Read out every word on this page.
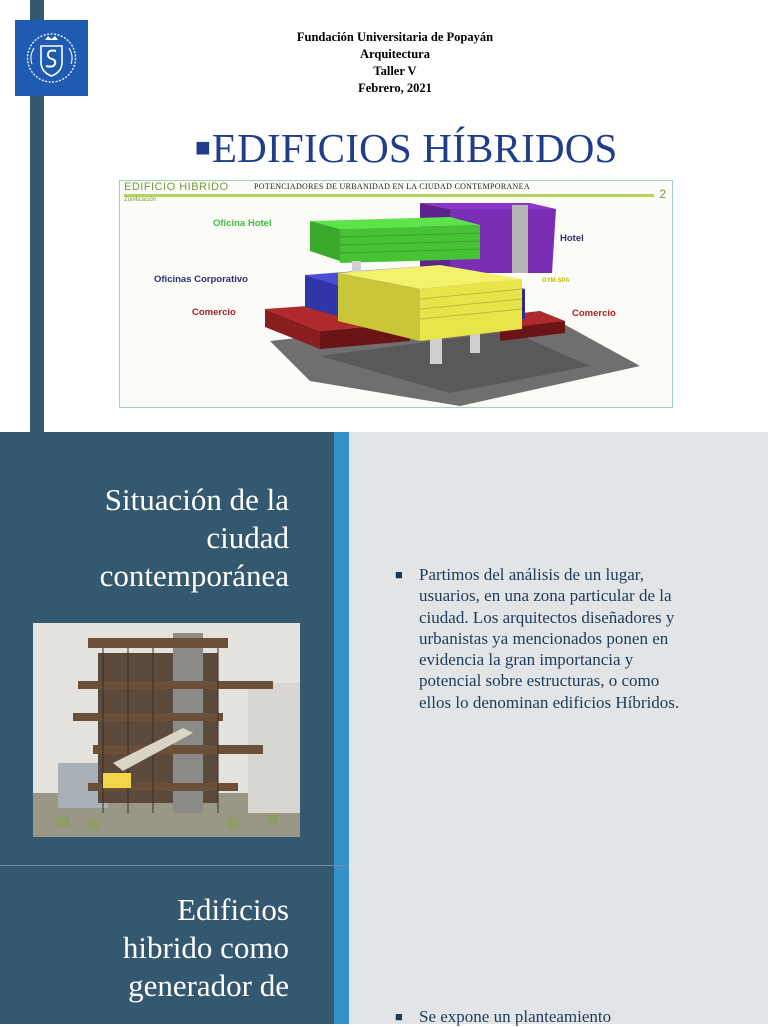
Fundación Universitaria de Popayán
Arquitectura
Taller V
Febrero, 2021
■EDIFICIOS HÍBRIDOS
EDIFICIO HIBRIDO	POTENCIADORES DE URBANIDAD EN LA CIUDAD CONTEMPORANEA
2
Zonificación
Oficina Hotel
Hotel
Oficinas Corporativo	GYM-SPA
Comercio	Comercio
Situación de la
ciudad
contemporánea	■ Partimos del análisis de un lugar, usuarios, en una zona particular de la ciudad. Los arquitectos diseñadores y urbanistas ya mencionados ponen en evidencia la gran importancia y potencial sobre estructuras, o como ellos lo denominan edificios Híbridos.
Edificios
hibrido como
generador de
■ Se expone un planteamiento
